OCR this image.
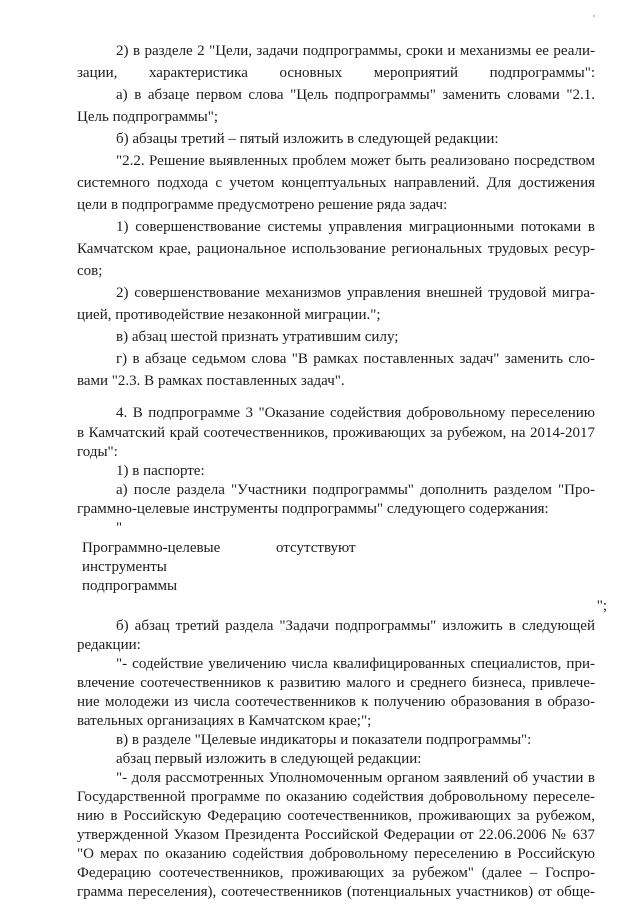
'
2) в разделе 2 "Цели, задачи подпрограммы, сроки и механизмы ее реали-
зации, характеристика основных мероприятий подпрограммы":
а) в абзаце первом слова "Цель подпрограммы" заменить словами "2.1.
Цель подпрограммы";
б) абзацы третий – пятый изложить в следующей редакции:
"2.2. Решение выявленных проблем может быть реализовано посредством
системного подхода с учетом концептуальных направлений. Для достижения
цели в подпрограмме предусмотрено решение ряда задач:
1) совершенствование системы управления миграционными потоками в
Камчатском крае, рациональное использование региональных трудовых ресур-
сов;
2) совершенствование механизмов управления внешней трудовой мигра-
цией, противодействие незаконной миграции.";
в) абзац шестой признать утратившим силу;
г) в абзаце седьмом слова "В рамках поставленных задач" заменить сло-
вами "2.3. В рамках поставленных задач".
4. В подпрограмме 3 "Оказание содействия добровольному переселению
в Камчатский край соотечественников, проживающих за рубежом, на 2014-2017
годы":
1) в паспорте:
а) после раздела "Участники подпрограммы" дополнить разделом "Про-
граммно-целевые инструменты подпрограммы" следующего содержания:
"
Программно-целевые
инструменты
подпрограммы
отсутствуют
";
б) абзац третий раздела "Задачи подпрограммы" изложить в следующей
редакции:
"- содействие увеличению числа квалифицированных специалистов, при-
влечение соотечественников к развитию малого и среднего бизнеса, привлече-
ние молодежи из числа соотечественников к получению образования в образо-
вательных организациях в Камчатском крае;";
в) в разделе "Целевые индикаторы и показатели подпрограммы":
абзац первый изложить в следующей редакции:
"- доля рассмотренных Уполномоченным органом заявлений об участии в
Государственной программе по оказанию содействия добровольному переселе-
нию в Российскую Федерацию соотечественников, проживающих за рубежом,
утвержденной Указом Президента Российской Федерации от 22.06.2006 № 637
"О мерах по оказанию содействия добровольному переселению в Российскую
Федерацию соотечественников, проживающих за рубежом" (далее – Госпро-
грамма переселения), соотечественников (потенциальных участников) от обще-
